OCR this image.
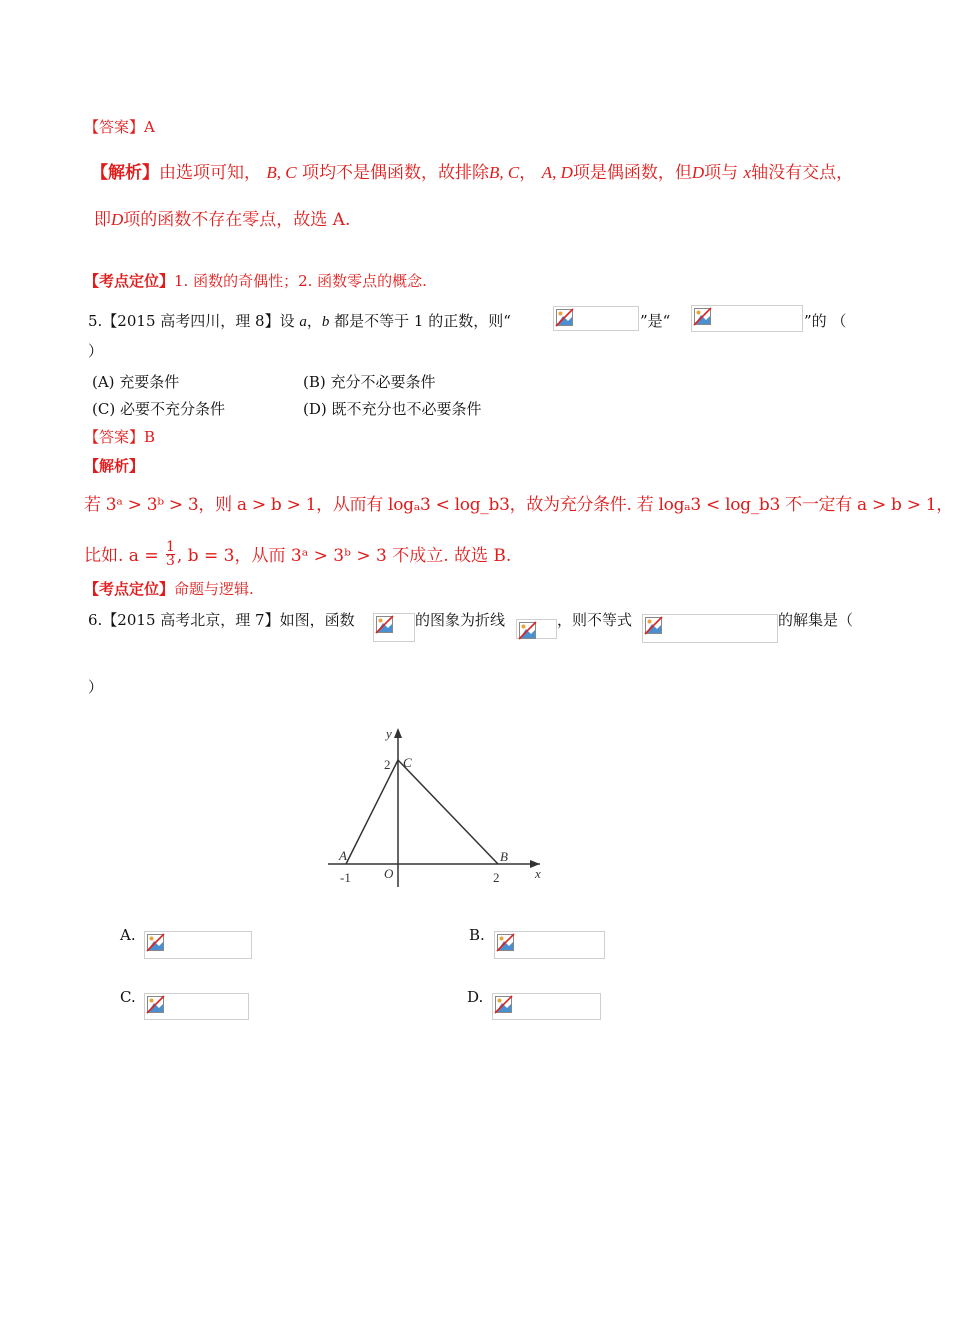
【答案】A
【解析】由选项可知， B, C 项均不是偶函数，故排除B, C， A, D项是偶函数，但D项与 x轴没有交点，
即D项的函数不存在零点，故选 A.
【考点定位】1. 函数的奇偶性；2. 函数零点的概念.
5.【2015 高考四川，理 8】设 a，b 都是不等于 1 的正数，则“	”是“	”的 （
）
(A) 充要条件	(B) 充分不必要条件
(C) 必要不充分条件	(D) 既不充分也不必要条件
【答案】B
【解析】
若 3ᵃ > 3ᵇ > 3，则 a > b > 1，从而有 logₐ3 < log_b3，故为充分条件. 若 logₐ3 < log_b3 不一定有 a > b > 1，
比如. $a = \frac{1}{3}$ , b = 3，从而 3ᵃ > 3ᵇ > 3 不成立. 故选 B.
【考点定位】命题与逻辑.
6.【2015 高考北京，理 7】如图，函数	的图象为折线	，则不等式	的解集是（
）
y
x
O
A	B
C
2
-1	2
A.	B.
C.	D.
